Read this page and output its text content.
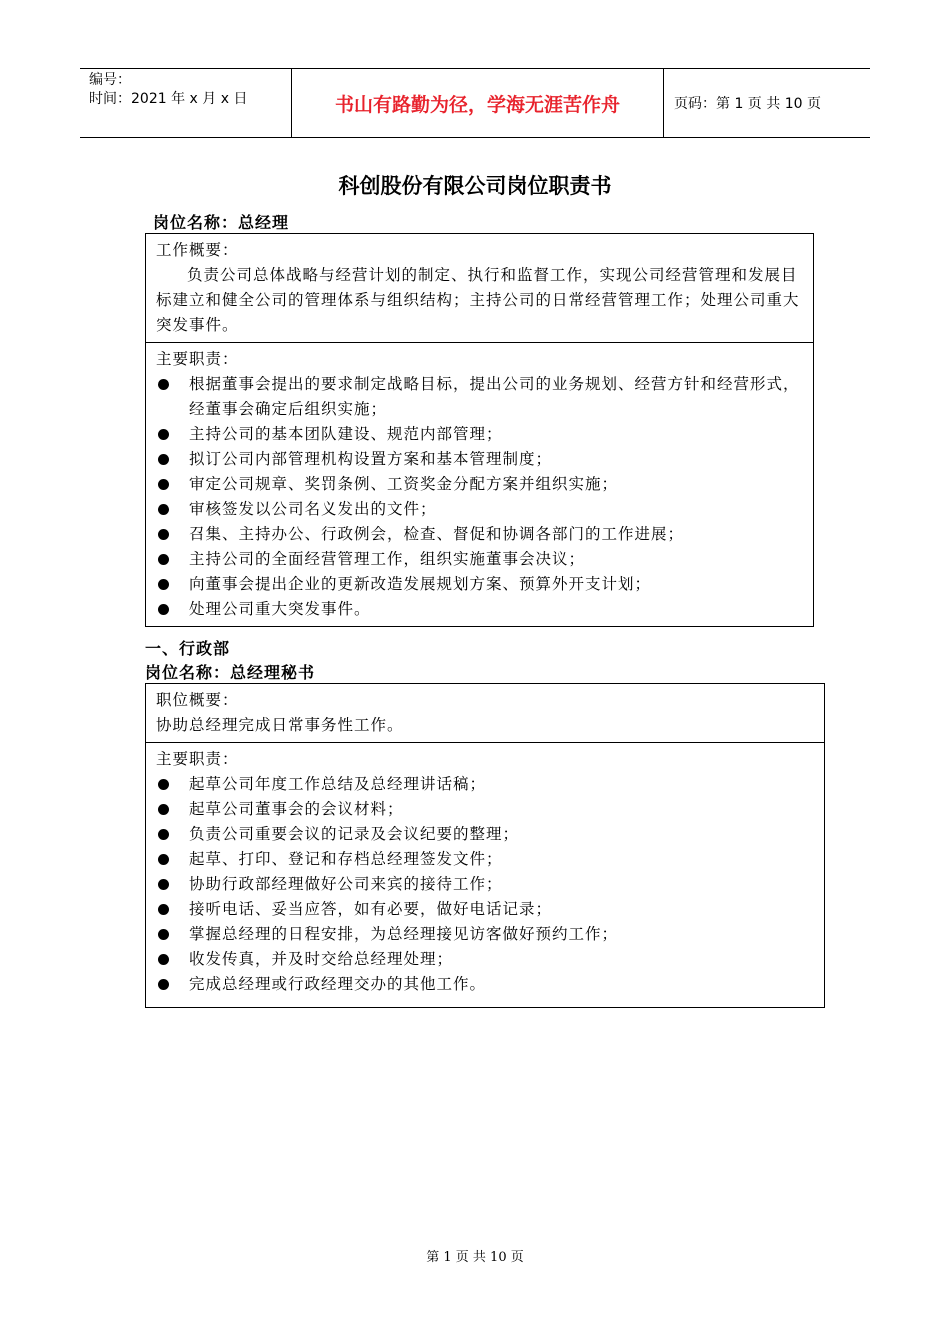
编号：
时间：2021 年 x 月 x 日	书山有路勤为径，学海无涯苦作舟	页码：第 1 页 共 10 页
科创股份有限公司岗位职责书
岗位名称：总经理
工作概要：
负责公司总体战略与经营计划的制定、执行和监督工作，实现公司经营管理和发展目标建立和健全公司的管理体系与组织结构；主持公司的日常经营管理工作；处理公司重大突发事件。
主要职责：
根据董事会提出的要求制定战略目标，提出公司的业务规划、经营方针和经营形式，经董事会确定后组织实施；
主持公司的基本团队建设、规范内部管理；
拟订公司内部管理机构设置方案和基本管理制度；
审定公司规章、奖罚条例、工资奖金分配方案并组织实施；
审核签发以公司名义发出的文件；
召集、主持办公、行政例会，检查、督促和协调各部门的工作进展；
主持公司的全面经营管理工作，组织实施董事会决议；
向董事会提出企业的更新改造发展规划方案、预算外开支计划；
处理公司重大突发事件。
一、行政部
岗位名称：总经理秘书
职位概要：
协助总经理完成日常事务性工作。
主要职责：
起草公司年度工作总结及总经理讲话稿；
起草公司董事会的会议材料；
负责公司重要会议的记录及会议纪要的整理；
起草、打印、登记和存档总经理签发文件；
协助行政部经理做好公司来宾的接待工作；
接听电话、妥当应答，如有必要，做好电话记录；
掌握总经理的日程安排，为总经理接见访客做好预约工作；
收发传真，并及时交给总经理处理；
完成总经理或行政经理交办的其他工作。
第 1 页 共 10 页
